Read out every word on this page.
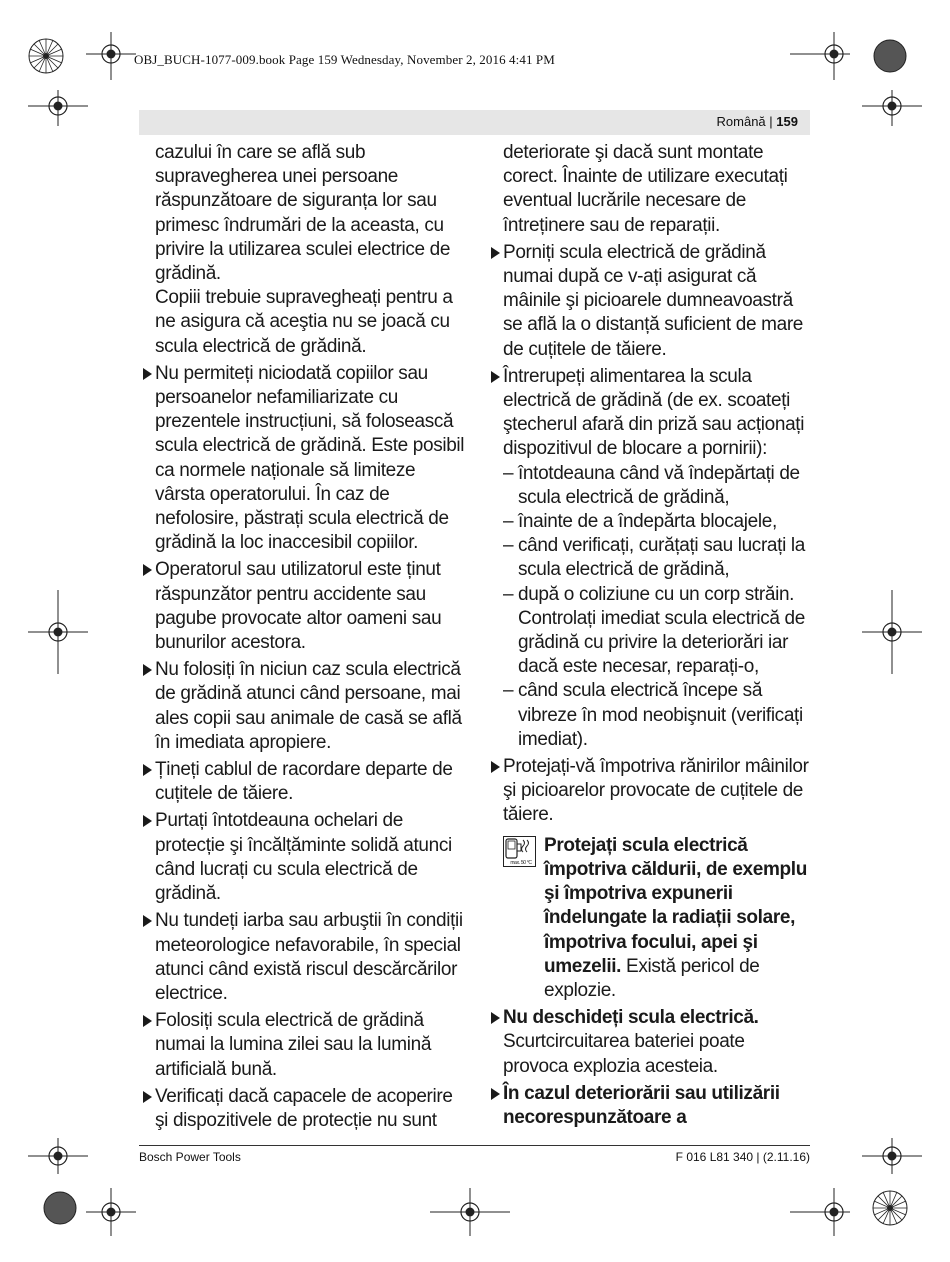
OBJ_BUCH-1077-009.book Page 159 Wednesday, November 2, 2016 4:41 PM
Română | 159

cazului în care se află sub supravegherea unei persoane răspunzătoare de siguranța lor sau primesc îndrumări de la aceasta, cu privire la utilizarea sculei electrice de grădină.

Copiii trebuie supravegheați pentru a ne asigura că aceştia nu se joacă cu scula electrică de grădină.

Nu permiteți niciodată copiilor sau persoanelor nefamiliarizate cu prezentele instrucțiuni, să folosească scula electrică de grădină. Este posibil ca normele naționale să limiteze vârsta operatorului. În caz de nefolosire, păstrați scula electrică de grădină la loc inaccesibil copiilor.
Operatorul sau utilizatorul este ținut răspunzător pentru accidente sau pagube provocate altor oameni sau bunurilor acestora.
Nu folosiți în niciun caz scula electrică de grădină atunci când persoane, mai ales copii sau animale de casă se află în imediata apropiere.
Țineți cablul de racordare departe de cuțitele de tăiere.
Purtați întotdeauna ochelari de protecție şi încălțăminte solidă atunci când lucrați cu scula electrică de grădină.
Nu tundeți iarba sau arbuştii în condiții meteorologice nefavorabile, în special atunci când există riscul descărcărilor electrice.
Folosiți scula electrică de grădină numai la lumina zilei sau la lumină artificială bună.
Verificați dacă capacele de acoperire şi dispozitivele de protecție nu sunt

deteriorate şi dacă sunt montate corect. Înainte de utilizare executați eventual lucrările necesare de întreținere sau de reparații.

Porniți scula electrică de grădină numai după ce v-ați asigurat că mâinile şi picioarele dumneavoastră se află la o distanță suficient de mare de cuțitele de tăiere.
Întrerupeți alimentarea la scula electrică de grădină (de ex. scoateți ştecherul afară din priză sau acționați dispozitivul de blocare a pornirii):
– întotdeauna când vă îndepărtați de scula electrică de grădină,
– înainte de a îndepărta blocajele,
– când verificați, curățați sau lucrați la scula electrică de grădină,
– după o coliziune cu un corp străin. Controlați imediat scula electrică de grădină cu privire la deteriorări iar dacă este necesar, reparați-o,
– când scula electrică începe să vibreze în mod neobişnuit (verificați imediat).
Protejați-vă împotriva rănirilor mâinilor şi picioarelor provocate de cuțitele de tăiere.
max. 50 °C
Protejați scula electrică împotriva căldurii, de exemplu şi împotriva expunerii îndelungate la radiații solare, împotriva focului, apei şi umezelii. Există pericol de explozie.
Nu deschideți scula electrică. Scurtcircuitarea bateriei poate provoca explozia acesteia.
În cazul deteriorării sau utilizării necorespunzătoare a
Bosch Power Tools	F 016 L81 340 | (2.11.16)
